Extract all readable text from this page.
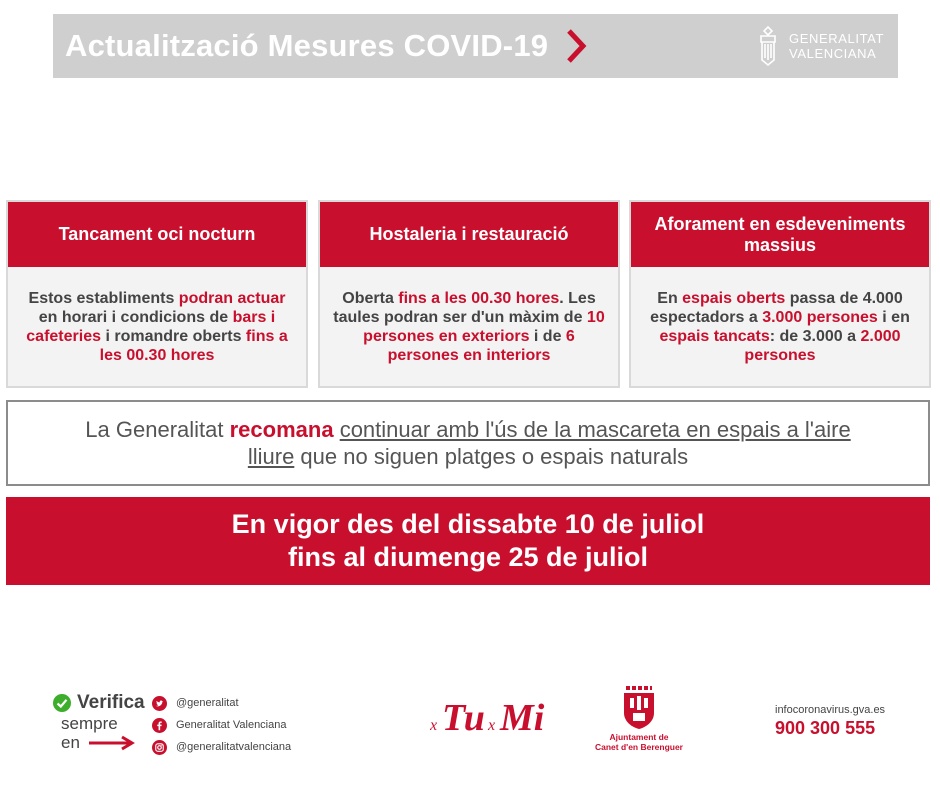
Actualització Mesures COVID-19	GENERALITAT
VALENCIANA
Tancament oci nocturn
Estos establiments podran actuar en horari i condicions de bars i cafeteries i romandre oberts fins a les 00.30 hores
Hostaleria i restauració
Oberta fins a les 00.30 hores. Les taules podran ser d'un màxim de 10 persones en exteriors i de 6 persones en interiors
Aforament en esdeveniments massius
En espais oberts passa de 4.000 espectadors a 3.000 persones i en espais tancats: de 3.000 a 2.000 persones
La Generalitat recomana continuar amb l'ús de la mascareta en espais a l'aire lliure que no siguen platges o espais naturals
En vigor des del dissabte 10 de juliol
fins al diumenge 25 de juliol
Verifica
sempre
en
@generalitat
Generalitat Valenciana
@generalitatvalenciana
x Tu x Mi	Ajuntament de
Canet d'en Berenguer
infocoronavirus.gva.es
900 300 555
